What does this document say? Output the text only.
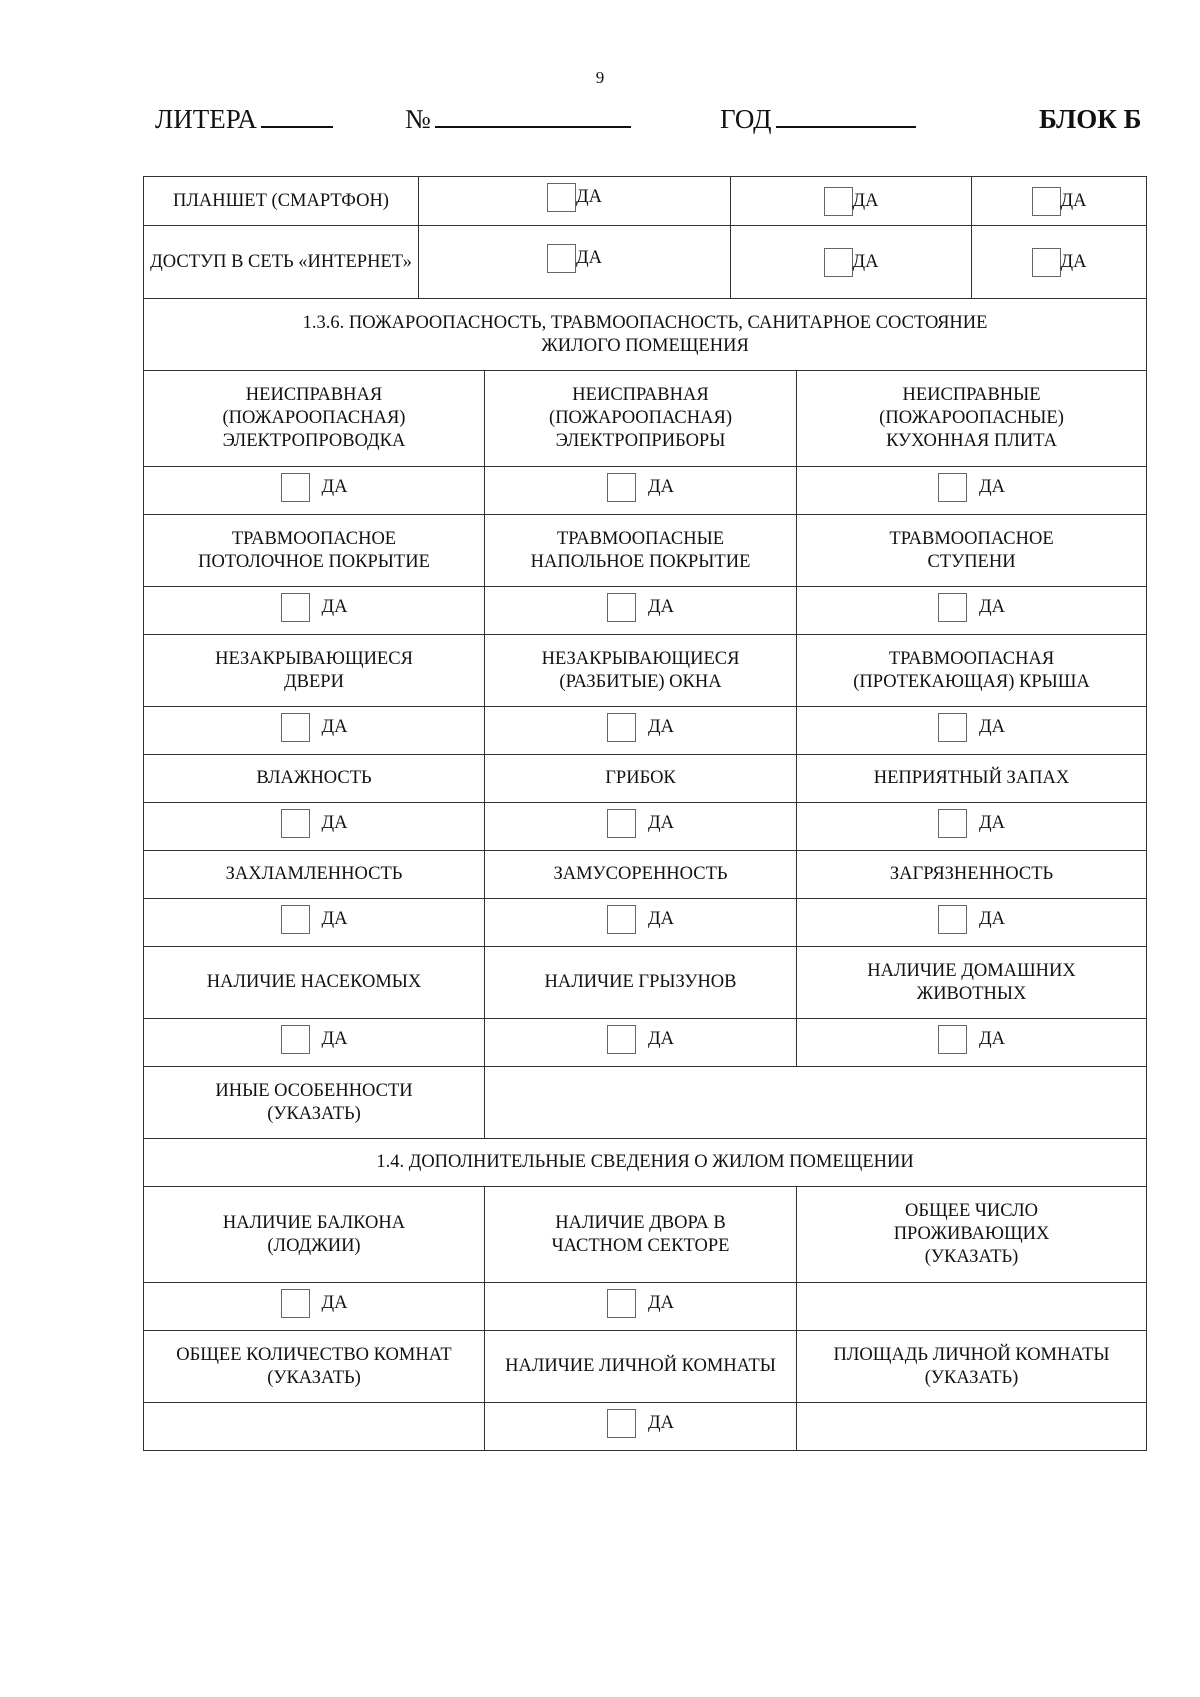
9
ЛИТЕРА	№	ГОД	БЛОК Б
ПЛАНШЕТ (СМАРТФОН)	ДА		ДА ДА	

ДОСТУП В СЕТЬ «ИНТЕРНЕТ»	ДА		ДА ДА	

1.3.6. ПОЖАРООПАСНОСТЬ, ТРАВМООПАСНОСТЬ, САНИТАРНОЕ СОСТОЯНИЕ ЖИЛОГО ПОМЕЩЕНИЯ				
НЕИСПРАВНАЯ (ПОЖАРООПАСНАЯ) ЭЛЕКТРОПРОВОДКА		НЕИСПРАВНАЯ (ПОЖАРООПАСНАЯ) ЭЛЕКТРОПРИБОРЫ		НЕИСПРАВНЫЕ (ПОЖАРООПАСНЫЕ) КУХОННАЯ ПЛИТА

ДА		ДА		ДА

ТРАВМООПАСНОЕ ПОТОЛОЧНОЕ ПОКРЫТИЕ		ТРАВМООПАСНЫЕ НАПОЛЬНОЕ ПОКРЫТИЕ		ТРАВМООПАСНОЕ СТУПЕНИ

ДА		ДА		ДА

НЕЗАКРЫВАЮЩИЕСЯ ДВЕРИ		НЕЗАКРЫВАЮЩИЕСЯ (РАЗБИТЫЕ) ОКНА		ТРАВМООПАСНАЯ (ПРОТЕКАЮЩАЯ) КРЫША

ДА		ДА		ДА

ВЛАЖНОСТЬ		ГРИБОК		НЕПРИЯТНЫЙ ЗАПАХ

ДА		ДА		ДА

ЗАХЛАМЛЕННОСТЬ		ЗАМУСОРЕННОСТЬ		ЗАГРЯЗНЕННОСТЬ

ДА		ДА		ДА

НАЛИЧИЕ НАСЕКОМЫХ		НАЛИЧИЕ ГРЫЗУНОВ		НАЛИЧИЕ ДОМАШНИХ ЖИВОТНЫХ

ДА		ДА		ДА

ИНЫЕ ОСОБЕННОСТИ (УКАЗАТЬ)				
1.4. ДОПОЛНИТЕЛЬНЫЕ СВЕДЕНИЯ О ЖИЛОМ ПОМЕЩЕНИИ				
НАЛИЧИЕ БАЛКОНА (ЛОДЖИИ)		НАЛИЧИЕ ДВОРА В ЧАСТНОМ СЕКТОРЕ		ОБЩЕЕ ЧИСЛО ПРОЖИВАЮЩИХ (УКАЗАТЬ)

ДА		ДА		

ОБЩЕЕ КОЛИЧЕСТВО КОМНАТ (УКАЗАТЬ)		НАЛИЧИЕ ЛИЧНОЙ КОМНАТЫ		ПЛОЩАДЬ ЛИЧНОЙ КОМНАТЫ (УКАЗАТЬ)

		ДА		
